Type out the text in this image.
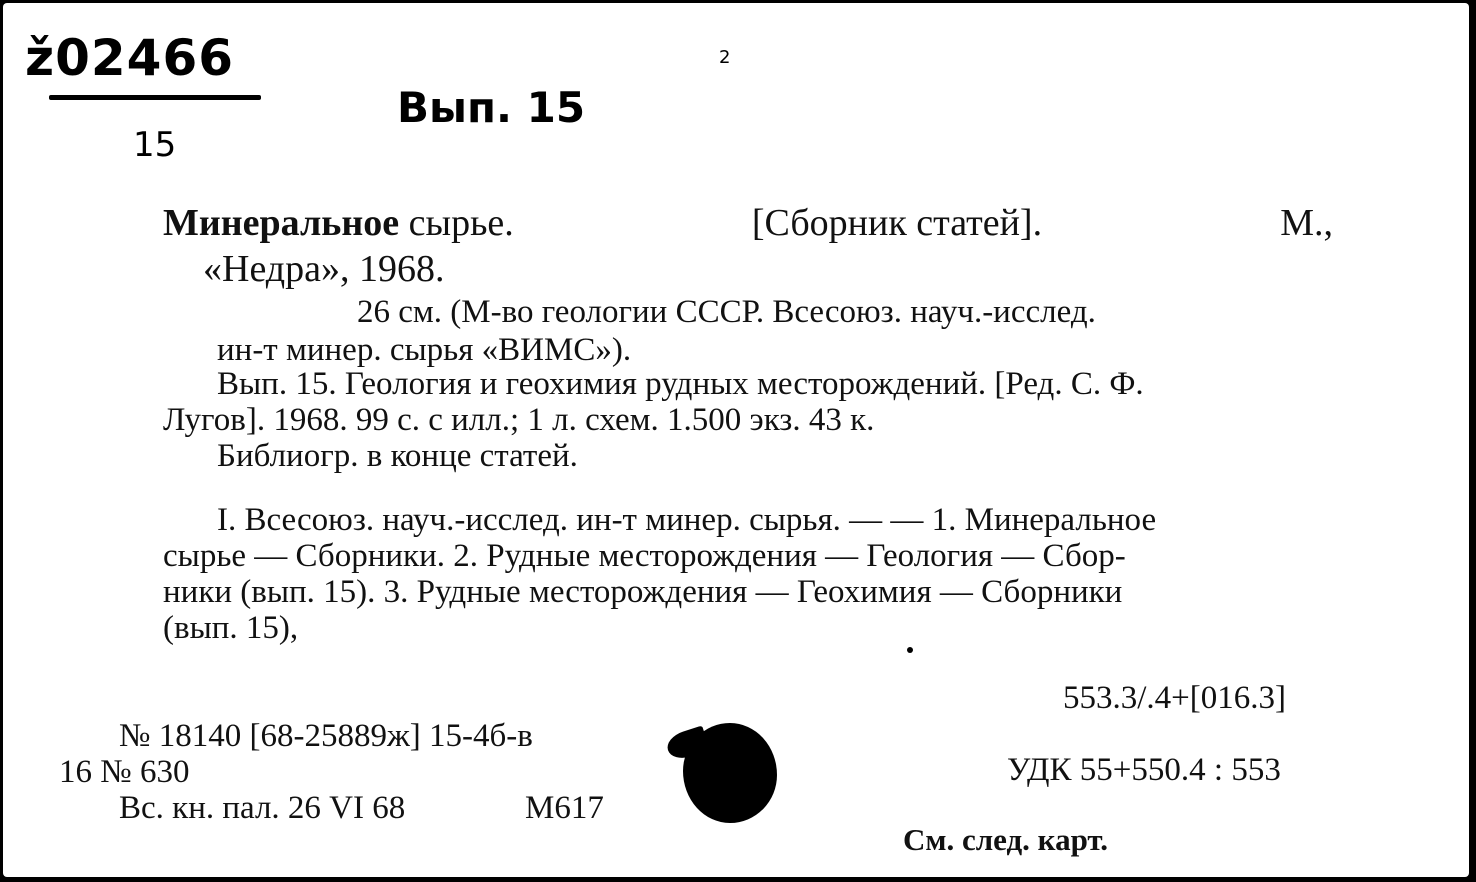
ž02466
15
Вып. 15
2
Минеральное сырье.	[Сборник статей].	М.,
«Недра», 1968.
26 см. (М-во геологии СССР. Всесоюз. науч.-исслед.
ин-т минер. сырья «ВИМС»).
Вып. 15. Геология и геохимия рудных месторождений. [Ред. С. Ф.
Лугов]. 1968. 99 с. с илл.; 1 л. схем. 1.500 экз. 43 к.
Библиогр. в конце статей.
I. Всесоюз. науч.-исслед. ин-т минер. сырья. — — 1. Минеральное
сырье — Сборники. 2. Рудные месторождения — Геология — Сбор-
ники (вып. 15). 3. Рудные месторождения — Геохимия — Сборники
(вып. 15),
553.3/.4+[016.3]
УДК 55+550.4 : 553
См. след. карт.
№ 18140 [68-25889ж] 15-4б-в
16 № 630
Вс. кн. пал. 26 VI 68	М617
